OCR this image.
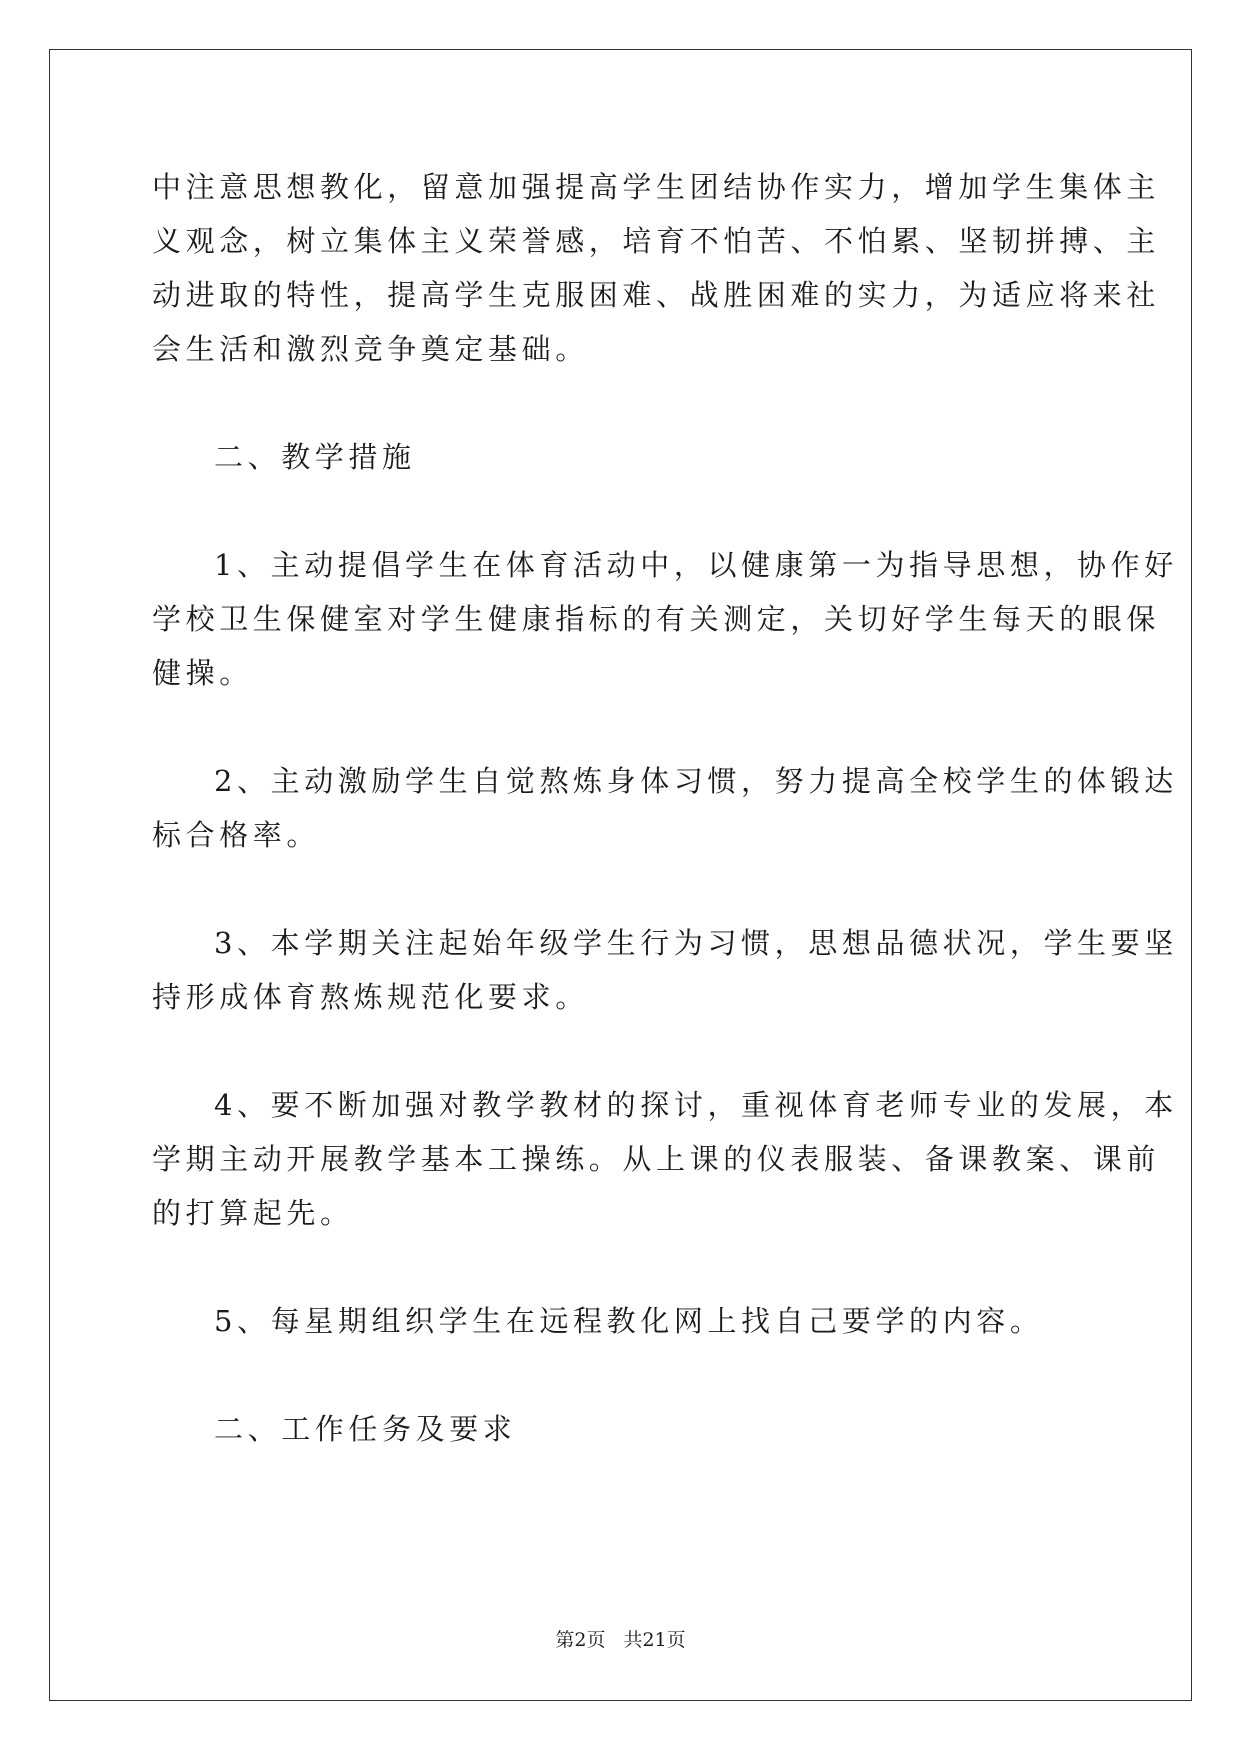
中注意思想教化，留意加强提高学生团结协作实力，增加学生集体主
义观念，树立集体主义荣誉感，培育不怕苦、不怕累、坚韧拼搏、主
动进取的特性，提高学生克服困难、战胜困难的实力，为适应将来社
会生活和激烈竞争奠定基础。

二、教学措施

1、主动提倡学生在体育活动中，以健康第一为指导思想，协作好
学校卫生保健室对学生健康指标的有关测定，关切好学生每天的眼保
健操。

2、主动激励学生自觉熬炼身体习惯，努力提高全校学生的体锻达
标合格率。

3、本学期关注起始年级学生行为习惯，思想品德状况，学生要坚
持形成体育熬炼规范化要求。

4、要不断加强对教学教材的探讨，重视体育老师专业的发展，本
学期主动开展教学基本工操练。从上课的仪表服装、备课教案、课前
的打算起先。

5、每星期组织学生在远程教化网上找自己要学的内容。

二、工作任务及要求

第2页 共21页
